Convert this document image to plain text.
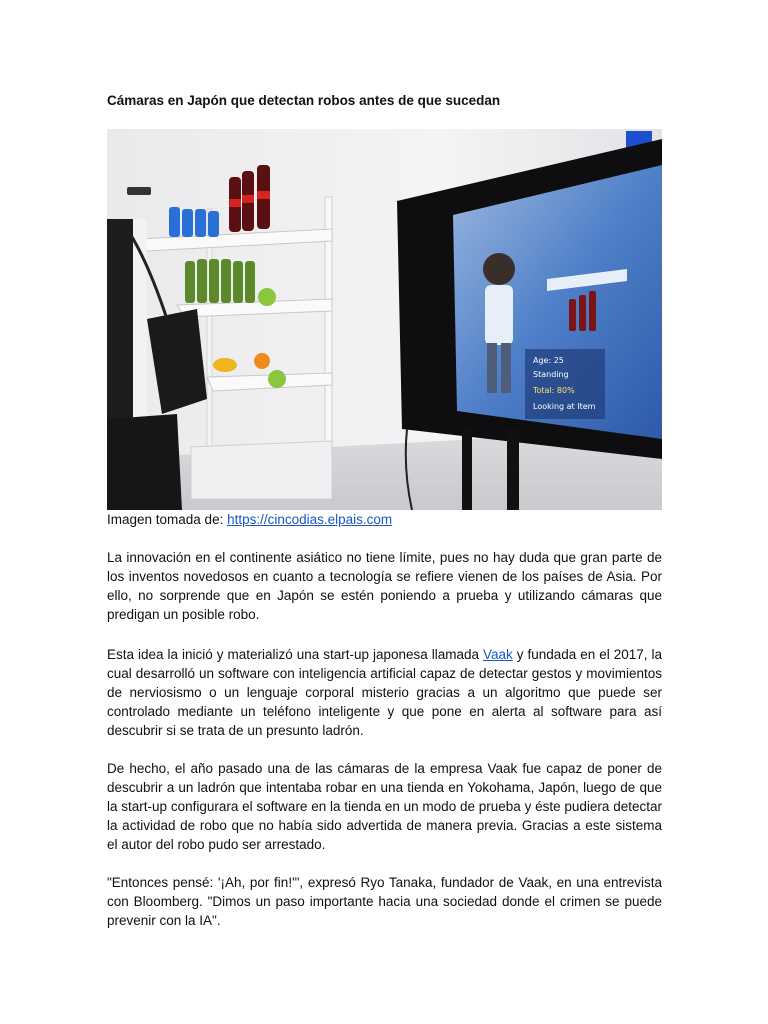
Cámaras en Japón que detectan robos antes de que sucedan
Age: 25
Standing
Total: 80%
Looking at Item
Imagen tomada de: https://cincodias.elpais.com
La innovación en el continente asiático no tiene límite, pues no hay duda que gran parte de los inventos novedosos en cuanto a tecnología se refiere vienen de los países de Asia. Por ello, no sorprende que en Japón se estén poniendo a prueba y utilizando cámaras que predigan un posible robo.
Esta idea la inició y materializó una start-up japonesa llamada Vaak y fundada en el 2017, la cual desarrolló un software con inteligencia artificial capaz de detectar gestos y movimientos de nerviosismo o un lenguaje corporal misterio gracias a un algoritmo que puede ser controlado mediante un teléfono inteligente y que pone en alerta al software para así descubrir si se trata de un presunto ladrón.
De hecho, el año pasado una de las cámaras de la empresa Vaak fue capaz de poner de descubrir a un ladrón que intentaba robar en una tienda en Yokohama, Japón, luego de que la start-up configurara el software en la tienda en un modo de prueba y éste pudiera detectar la actividad de robo que no había sido advertida de manera previa. Gracias a este sistema el autor del robo pudo ser arrestado.
"Entonces pensé: '¡Ah, por fin!'", expresó Ryo Tanaka, fundador de Vaak, en una entrevista con Bloomberg. "Dimos un paso importante hacia una sociedad donde el crimen se puede prevenir con la IA".
